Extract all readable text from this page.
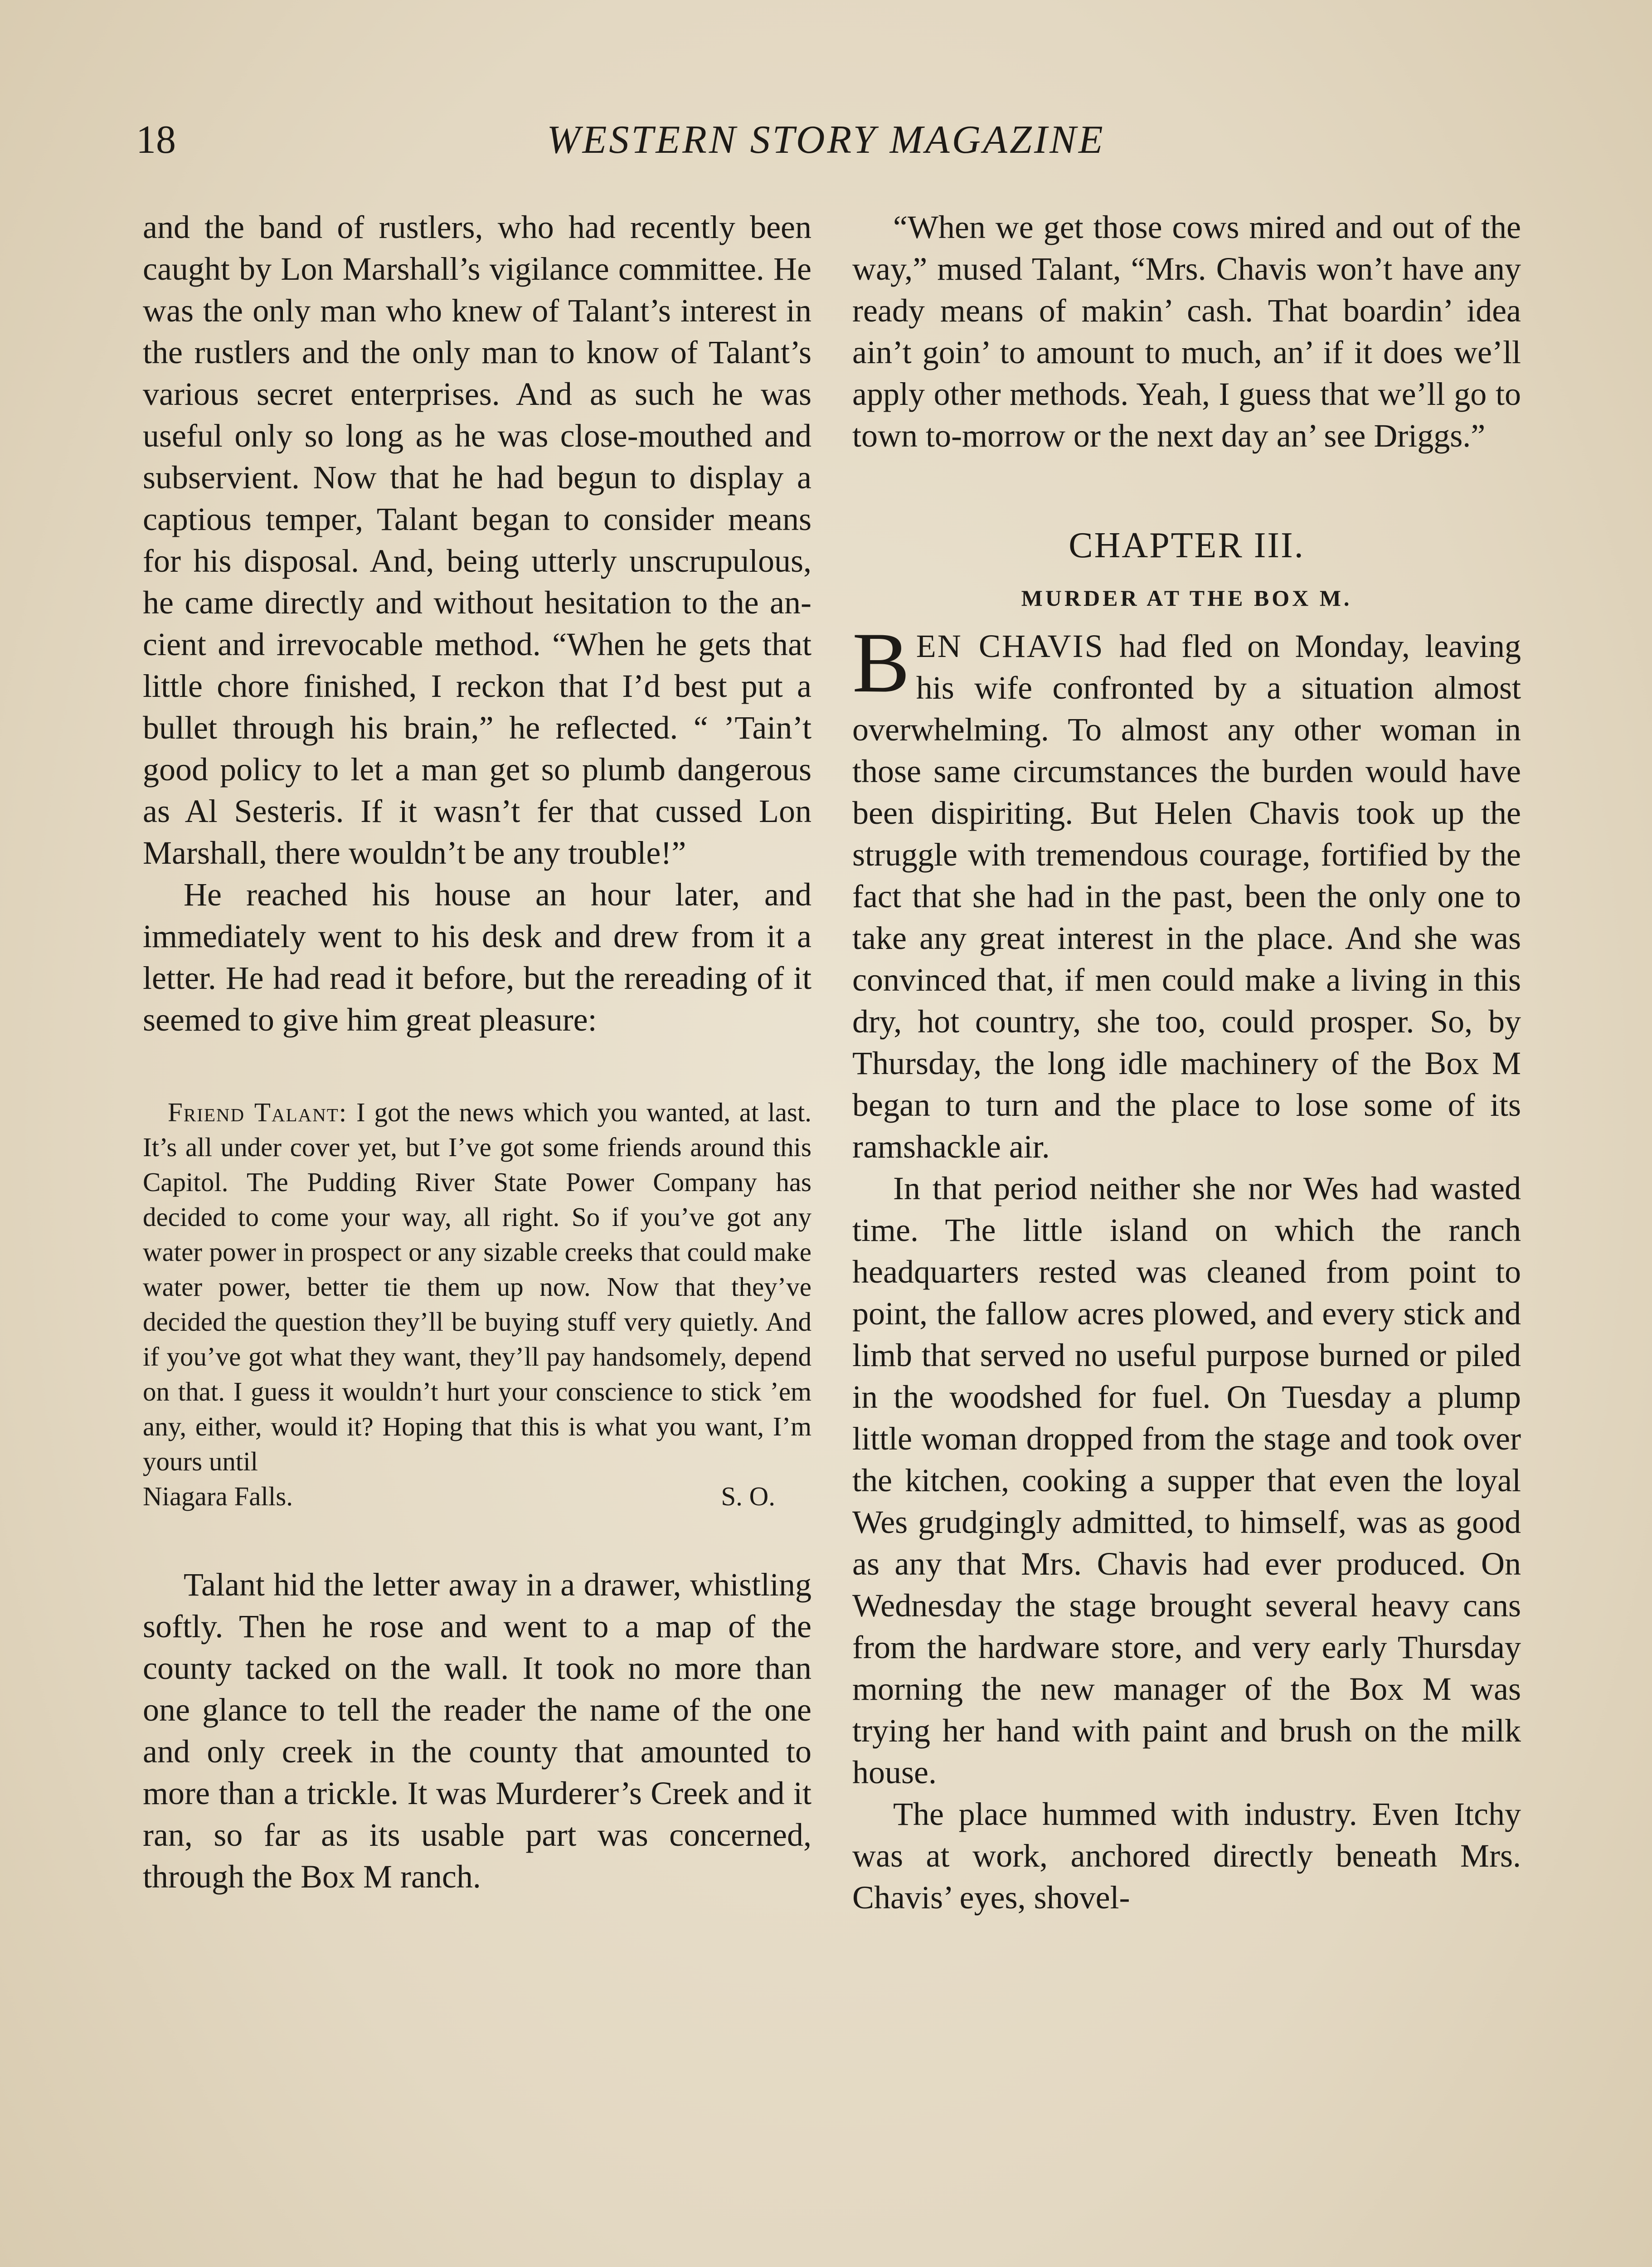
18	WESTERN STORY MAGAZINE

and the band of rustlers, who had recently been caught by Lon Marshall’s vigilance committee. He was the only man who knew of Talant’s interest in the rustlers and the only man to know of Talant’s various secret enterprises. And as such he was useful only so long as he was close-mouthed and subservient. Now that he had begun to display a captious temper, Talant began to consider means for his disposal. And, being utterly unscrupulous, he came directly and without hesitation to the ancient and irrevocable method. “When he gets that little chore finished, I reckon that I’d best put a bullet through his brain,” he reflected. “ ’Tain’t good policy to let a man get so plumb dangerous as Al Sesteris. If it wasn’t fer that cussed Lon Marshall, there wouldn’t be any trouble!”

He reached his house an hour later, and immediately went to his desk and drew from it a letter. He had read it before, but the rereading of it seemed to give him great pleasure:

Friend Talant: I got the news which you wanted, at last. It’s all under cover yet, but I’ve got some friends around this Capitol. The Pudding River State Power Company has decided to come your way, all right. So if you’ve got any water power in prospect or any sizable creeks that could make water power, better tie them up now. Now that they’ve decided the question they’ll be buying stuff very quietly. And if you’ve got what they want, they’ll pay handsomely, depend on that. I guess it wouldn’t hurt your conscience to stick ’em any, either, would it? Hoping that this is what you want, I’m yours until
Niagara Falls.	S. O.

Talant hid the letter away in a drawer, whistling softly. Then he rose and went to a map of the county tacked on the wall. It took no more than one glance to tell the reader the name of the one and only creek in the county that amounted to more than a trickle. It was Murderer’s Creek and it ran, so far as its usable part was concerned, through the Box M ranch.

“When we get those cows mired and out of the way,” mused Talant, “Mrs. Chavis won’t have any ready means of makin’ cash. That boardin’ idea ain’t goin’ to amount to much, an’ if it does we’ll apply other methods. Yeah, I guess that we’ll go to town to-morrow or the next day an’ see Driggs.”

CHAPTER III.
MURDER AT THE BOX M.

BEN CHAVIS had fled on Monday, leaving his wife confronted by a situation almost overwhelming. To almost any other woman in those same circumstances the burden would have been dispiriting. But Helen Chavis took up the struggle with tremendous courage, fortified by the fact that she had in the past, been the only one to take any great interest in the place. And she was convinced that, if men could make a living in this dry, hot country, she too, could prosper. So, by Thursday, the long idle machinery of the Box M began to turn and the place to lose some of its ramshackle air.

In that period neither she nor Wes had wasted time. The little island on which the ranch headquarters rested was cleaned from point to point, the fallow acres plowed, and every stick and limb that served no useful purpose burned or piled in the woodshed for fuel. On Tuesday a plump little woman dropped from the stage and took over the kitchen, cooking a supper that even the loyal Wes grudgingly admitted, to himself, was as good as any that Mrs. Chavis had ever produced. On Wednesday the stage brought several heavy cans from the hardware store, and very early Thursday morning the new manager of the Box M was trying her hand with paint and brush on the milk house.

The place hummed with industry. Even Itchy was at work, anchored directly beneath Mrs. Chavis’ eyes, shovel-
